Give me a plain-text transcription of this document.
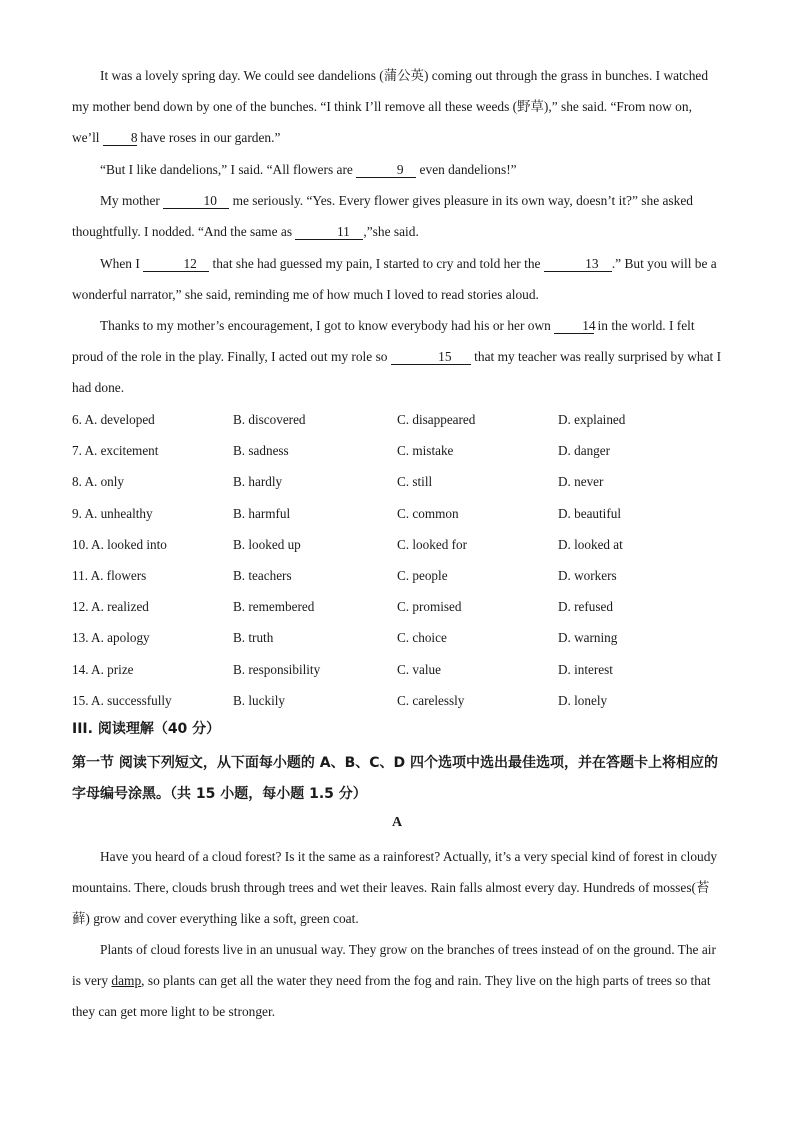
It was a lovely spring day. We could see dandelions (蒲公英) coming out through the grass in bunches. I watched my mother bend down by one of the bunches. “I think I’ll remove all these weeds (野草),” she said. “From now on, we’ll 8 have roses in our garden.”

“But I like dandelions,” I said. “All flowers are	9 even dandelions!”

My mother	10 me seriously. “Yes. Every flower gives pleasure in its own way, doesn’t it?” she asked thoughtfully. I nodded. “And the same as	11 ,”she said.

When I	12 that she had guessed my pain, I started to cry and told her the	13 .” But you will be a wonderful narrator,” she said, reminding me of how much I loved to read stories aloud.

Thanks to my mother’s encouragement, I got to know everybody had his or her own 14 in the world. I felt proud of the role in the play. Finally, I acted out my role so	15 that my teacher was really surprised by what I had done.

6. A. developed	B. discovered	C. disappeared	D. explained
7. A. excitement	B. sadness	C. mistake	D. danger
8. A. only	B. hardly	C. still	D. never
9. A. unhealthy	B. harmful	C. common	D. beautiful
10. A. looked into	B. looked up	C. looked for	D. looked at
11. A. flowers	B. teachers	C. people	D. workers
12. A. realized	B. remembered	C. promised	D. refused
13. A. apology	B. truth	C. choice	D. warning
14. A. prize	B. responsibility	C. value	D. interest
15. A. successfully	B. luckily	C. carelessly	D. lonely

III. 阅读理解（40 分）

第一节 阅读下列短文，从下面每小题的 A、B、C、D 四个选项中选出最佳选项，并在答题卡上将相应的字母编号涂黑。（共 15 小题，每小题 1.5 分）

A

Have you heard of a cloud forest? Is it the same as a rainforest? Actually, it’s a very special kind of forest in cloudy mountains. There, clouds brush through trees and wet their leaves. Rain falls almost every day. Hundreds of mosses(苔藓) grow and cover everything like a soft, green coat.

Plants of cloud forests live in an unusual way. They grow on the branches of trees instead of on the ground. The air is very damp, so plants can get all the water they need from the fog and rain. They live on the high parts of trees so that they can get more light to be stronger.
